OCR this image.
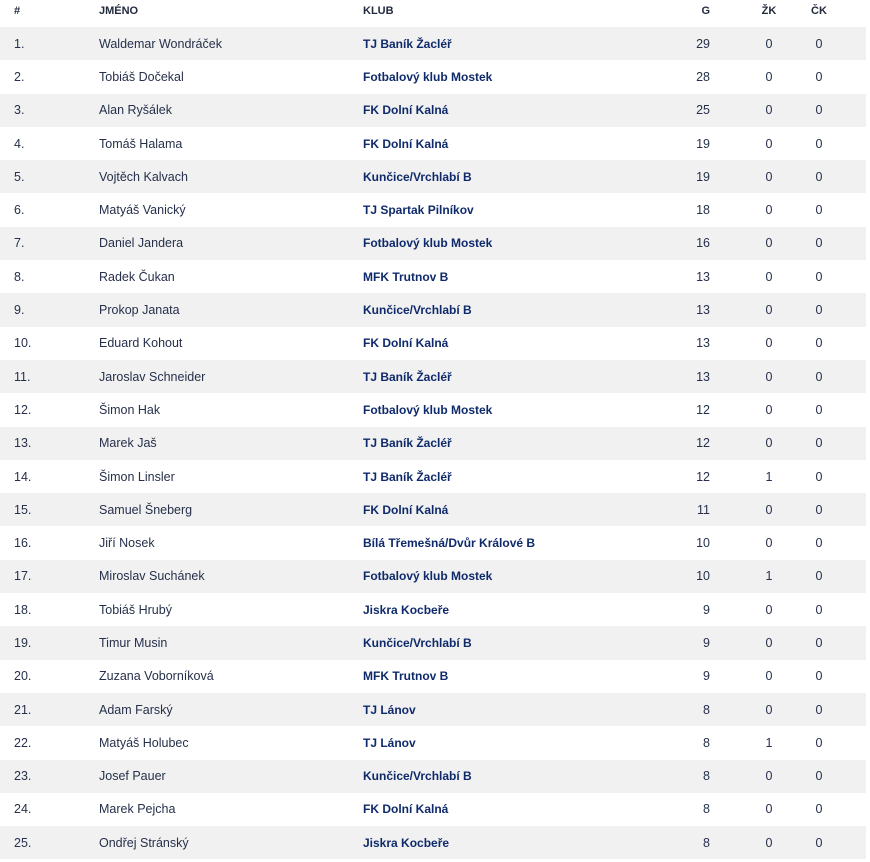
#	JMÉNO	KLUB	G	ŽK	ČK
1.	Waldemar Wondráček	TJ Baník Žacléř	29	0	0
2.	Tobiáš Dočekal	Fotbalový klub Mostek	28	0	0
3.	Alan Ryšálek	FK Dolní Kalná	25	0	0
4.	Tomáš Halama	FK Dolní Kalná	19	0	0
5.	Vojtěch Kalvach	Kunčice/Vrchlabí B	19	0	0
6.	Matyáš Vanický	TJ Spartak Pilníkov	18	0	0
7.	Daniel Jandera	Fotbalový klub Mostek	16	0	0
8.	Radek Čukan	MFK Trutnov B	13	0	0
9.	Prokop Janata	Kunčice/Vrchlabí B	13	0	0
10.	Eduard Kohout	FK Dolní Kalná	13	0	0
11.	Jaroslav Schneider	TJ Baník Žacléř	13	0	0
12.	Šimon Hak	Fotbalový klub Mostek	12	0	0
13.	Marek Jaš	TJ Baník Žacléř	12	0	0
14.	Šimon Linsler	TJ Baník Žacléř	12	1	0
15.	Samuel Šneberg	FK Dolní Kalná	11	0	0
16.	Jiří Nosek	Bílá Třemešná/Dvůr Králové B	10	0	0
17.	Miroslav Suchánek	Fotbalový klub Mostek	10	1	0
18.	Tobiáš Hrubý	Jiskra Kocbeře	9	0	0
19.	Timur Musin	Kunčice/Vrchlabí B	9	0	0
20.	Zuzana Voborníková	MFK Trutnov B	9	0	0
21.	Adam Farský	TJ Lánov	8	0	0
22.	Matyáš Holubec	TJ Lánov	8	1	0
23.	Josef Pauer	Kunčice/Vrchlabí B	8	0	0
24.	Marek Pejcha	FK Dolní Kalná	8	0	0
25.	Ondřej Stránský	Jiskra Kocbeře	8	0	0
